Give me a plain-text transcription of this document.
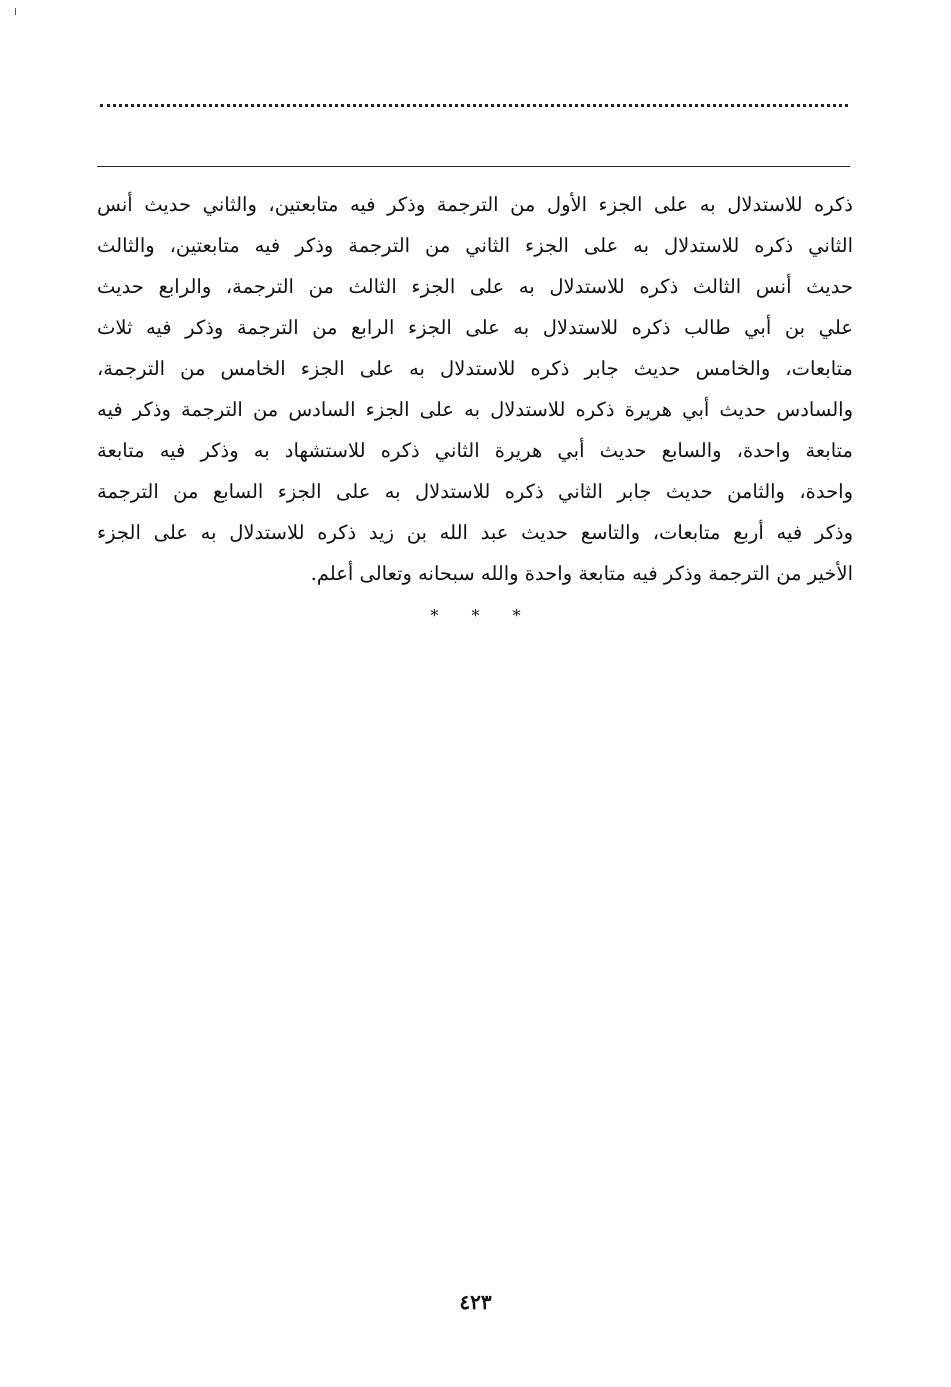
ذكره للاستدلال به على الجزء الأول من الترجمة وذكر فيه متابعتين، والثاني حديث أنس
الثاني ذكره للاستدلال به على الجزء الثاني من الترجمة وذكر فيه متابعتين، والثالث
حديث أنس الثالث ذكره للاستدلال به على الجزء الثالث من الترجمة، والرابع حديث
علي بن أبي طالب ذكره للاستدلال به على الجزء الرابع من الترجمة وذكر فيه ثلاث
متابعات، والخامس حديث جابر ذكره للاستدلال به على الجزء الخامس من الترجمة،
والسادس حديث أبي هريرة ذكره للاستدلال به على الجزء السادس من الترجمة وذكر فيه
متابعة واحدة، والسابع حديث أبي هريرة الثاني ذكره للاستشهاد به وذكر فيه متابعة
واحدة، والثامن حديث جابر الثاني ذكره للاستدلال به على الجزء السابع من الترجمة
وذكر فيه أربع متابعات، والتاسع حديث عبد الله بن زيد ذكره للاستدلال به على الجزء
الأخير من الترجمة وذكر فيه متابعة واحدة والله سبحانه وتعالى أعلم.
* * *
٤٢٣
